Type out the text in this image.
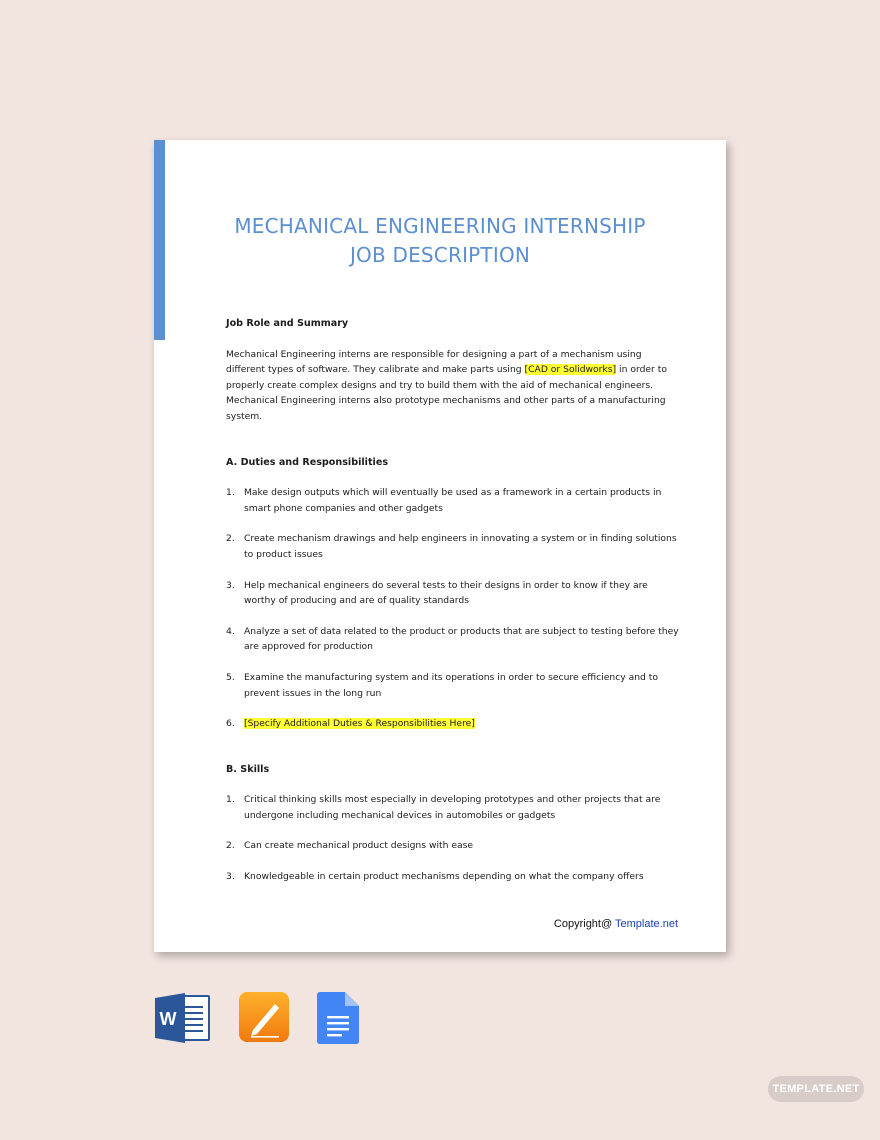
MECHANICAL ENGINEERING INTERNSHIP
JOB DESCRIPTION

Job Role and Summary

Mechanical Engineering interns are responsible for designing a part of a mechanism using different types of software. They calibrate and make parts using [CAD or Solidworks] in order to properly create complex designs and try to build them with the aid of mechanical engineers. Mechanical Engineering interns also prototype mechanisms and other parts of a manufacturing system.

A. Duties and Responsibilities

1. Make design outputs which will eventually be used as a framework in a certain products in smart phone companies and other gadgets
2. Create mechanism drawings and help engineers in innovating a system or in finding solutions to product issues
3. Help mechanical engineers do several tests to their designs in order to know if they are worthy of producing and are of quality standards
4. Analyze a set of data related to the product or products that are subject to testing before they are approved for production
5. Examine the manufacturing system and its operations in order to secure efficiency and to prevent issues in the long run
6. [Specify Additional Duties & Responsibilities Here]

B. Skills

1. Critical thinking skills most especially in developing prototypes and other projects that are undergone including mechanical devices in automobiles or gadgets
2. Can create mechanical product designs with ease
3. Knowledgeable in certain product mechanisms depending on what the company offers
Copyright@ Template.net
W
TEMPLATE.NET
